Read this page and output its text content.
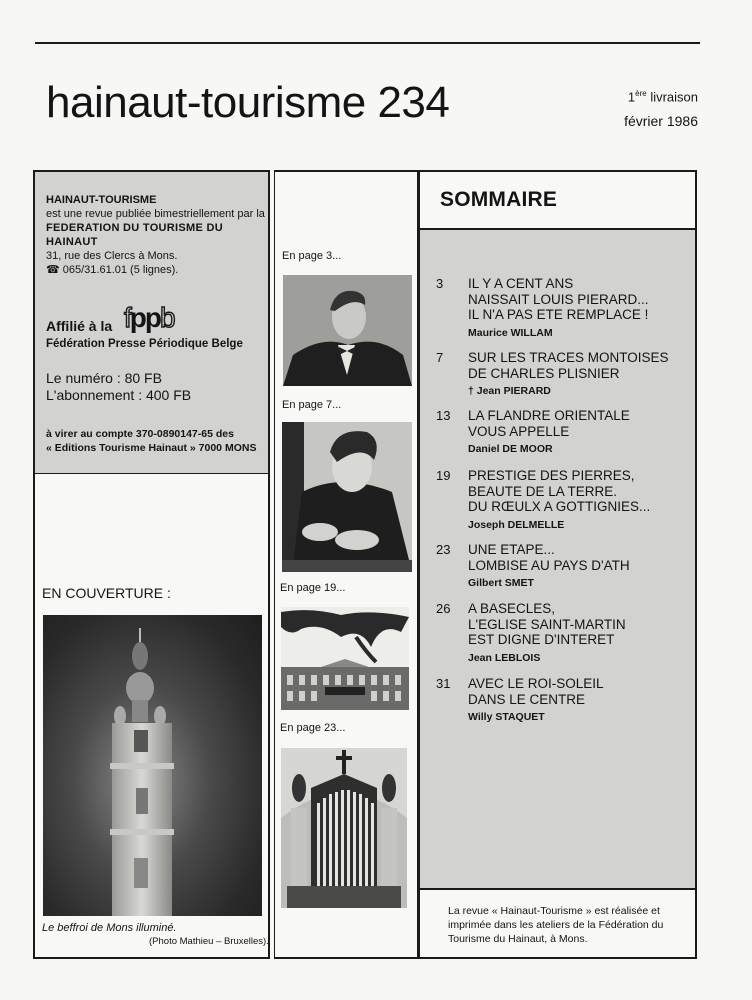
hainaut-tourisme 234	1ère livraison
février 1986
HAINAUT-TOURISME
est une revue publiée bimestriellement par la
FEDERATION DU TOURISME DU HAINAUT
31, rue des Clercs à Mons.
☎ 065/31.61.01 (5 lignes).
Affilié à la fppb
Fédération Presse Périodique Belge
Le numéro : 80 FB
L'abonnement : 400 FB
à virer au compte 370-0890147-65 des
« Editions Tourisme Hainaut » 7000 MONS
EN COUVERTURE :
Le beffroi de Mons illuminé.
(Photo Mathieu – Bruxelles).
En page 3...
En page 7...
En page 19...
En page 23...
SOMMAIRE
3	IL Y A CENT ANS
NAISSAIT LOUIS PIERARD...
IL N'A PAS ETE REMPLACE !
Maurice WILLAM
7	SUR LES TRACES MONTOISES
DE CHARLES PLISNIER
† Jean PIERARD
13	LA FLANDRE ORIENTALE
VOUS APPELLE
Daniel DE MOOR
19	PRESTIGE DES PIERRES,
BEAUTE DE LA TERRE.
DU RŒULX A GOTTIGNIES...
Joseph DELMELLE
23	UNE ETAPE...
LOMBISE AU PAYS D'ATH
Gilbert SMET
26	A BASECLES,
L'EGLISE SAINT-MARTIN
EST DIGNE D'INTERET
Jean LEBLOIS
31	AVEC LE ROI-SOLEIL
DANS LE CENTRE
Willy STAQUET
La revue « Hainaut-Tourisme » est réalisée et imprimée dans les ateliers de la Fédération du Tourisme du Hainaut, à Mons.
